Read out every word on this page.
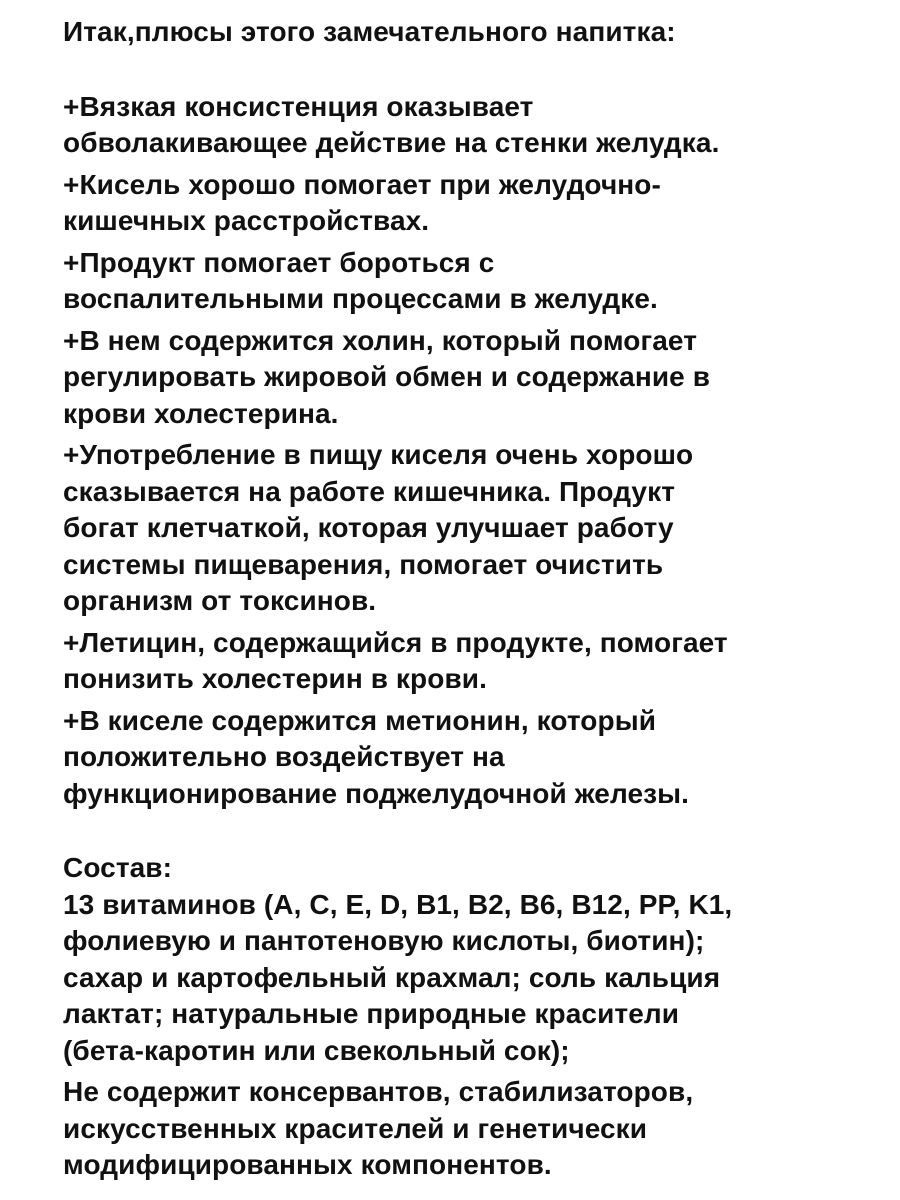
Итак,плюсы этого замечательного напитка:
+Вязкая консистенция оказывает
обволакивающее действие на стенки желудка.
+Кисель хорошо помогает при желудочно-
кишечных расстройствах.
+Продукт помогает бороться с
воспалительными процессами в желудке.
+В нем содержится холин, который помогает
регулировать жировой обмен и содержание в
крови холестерина.
+Употребление в пищу киселя очень хорошо
сказывается на работе кишечника. Продукт
богат клетчаткой, которая улучшает работу
системы пищеварения, помогает очистить
организм от токсинов.
+Летицин, содержащийся в продукте, помогает
понизить холестерин в крови.
+В киселе содержится метионин, который
положительно воздействует на
функционирование поджелудочной железы.
Состав:
13 витаминов (A, C, E, D, B1, B2, B6, B12, PP, K1,
фолиевую и пантотеновую кислоты, биотин);
сахар и картофельный крахмал; соль кальция
лактат; натуральные природные красители
(бета-каротин или свекольный сок);
Не содержит консервантов, стабилизаторов,
искусственных красителей и генетически
модифицированных компонентов.
